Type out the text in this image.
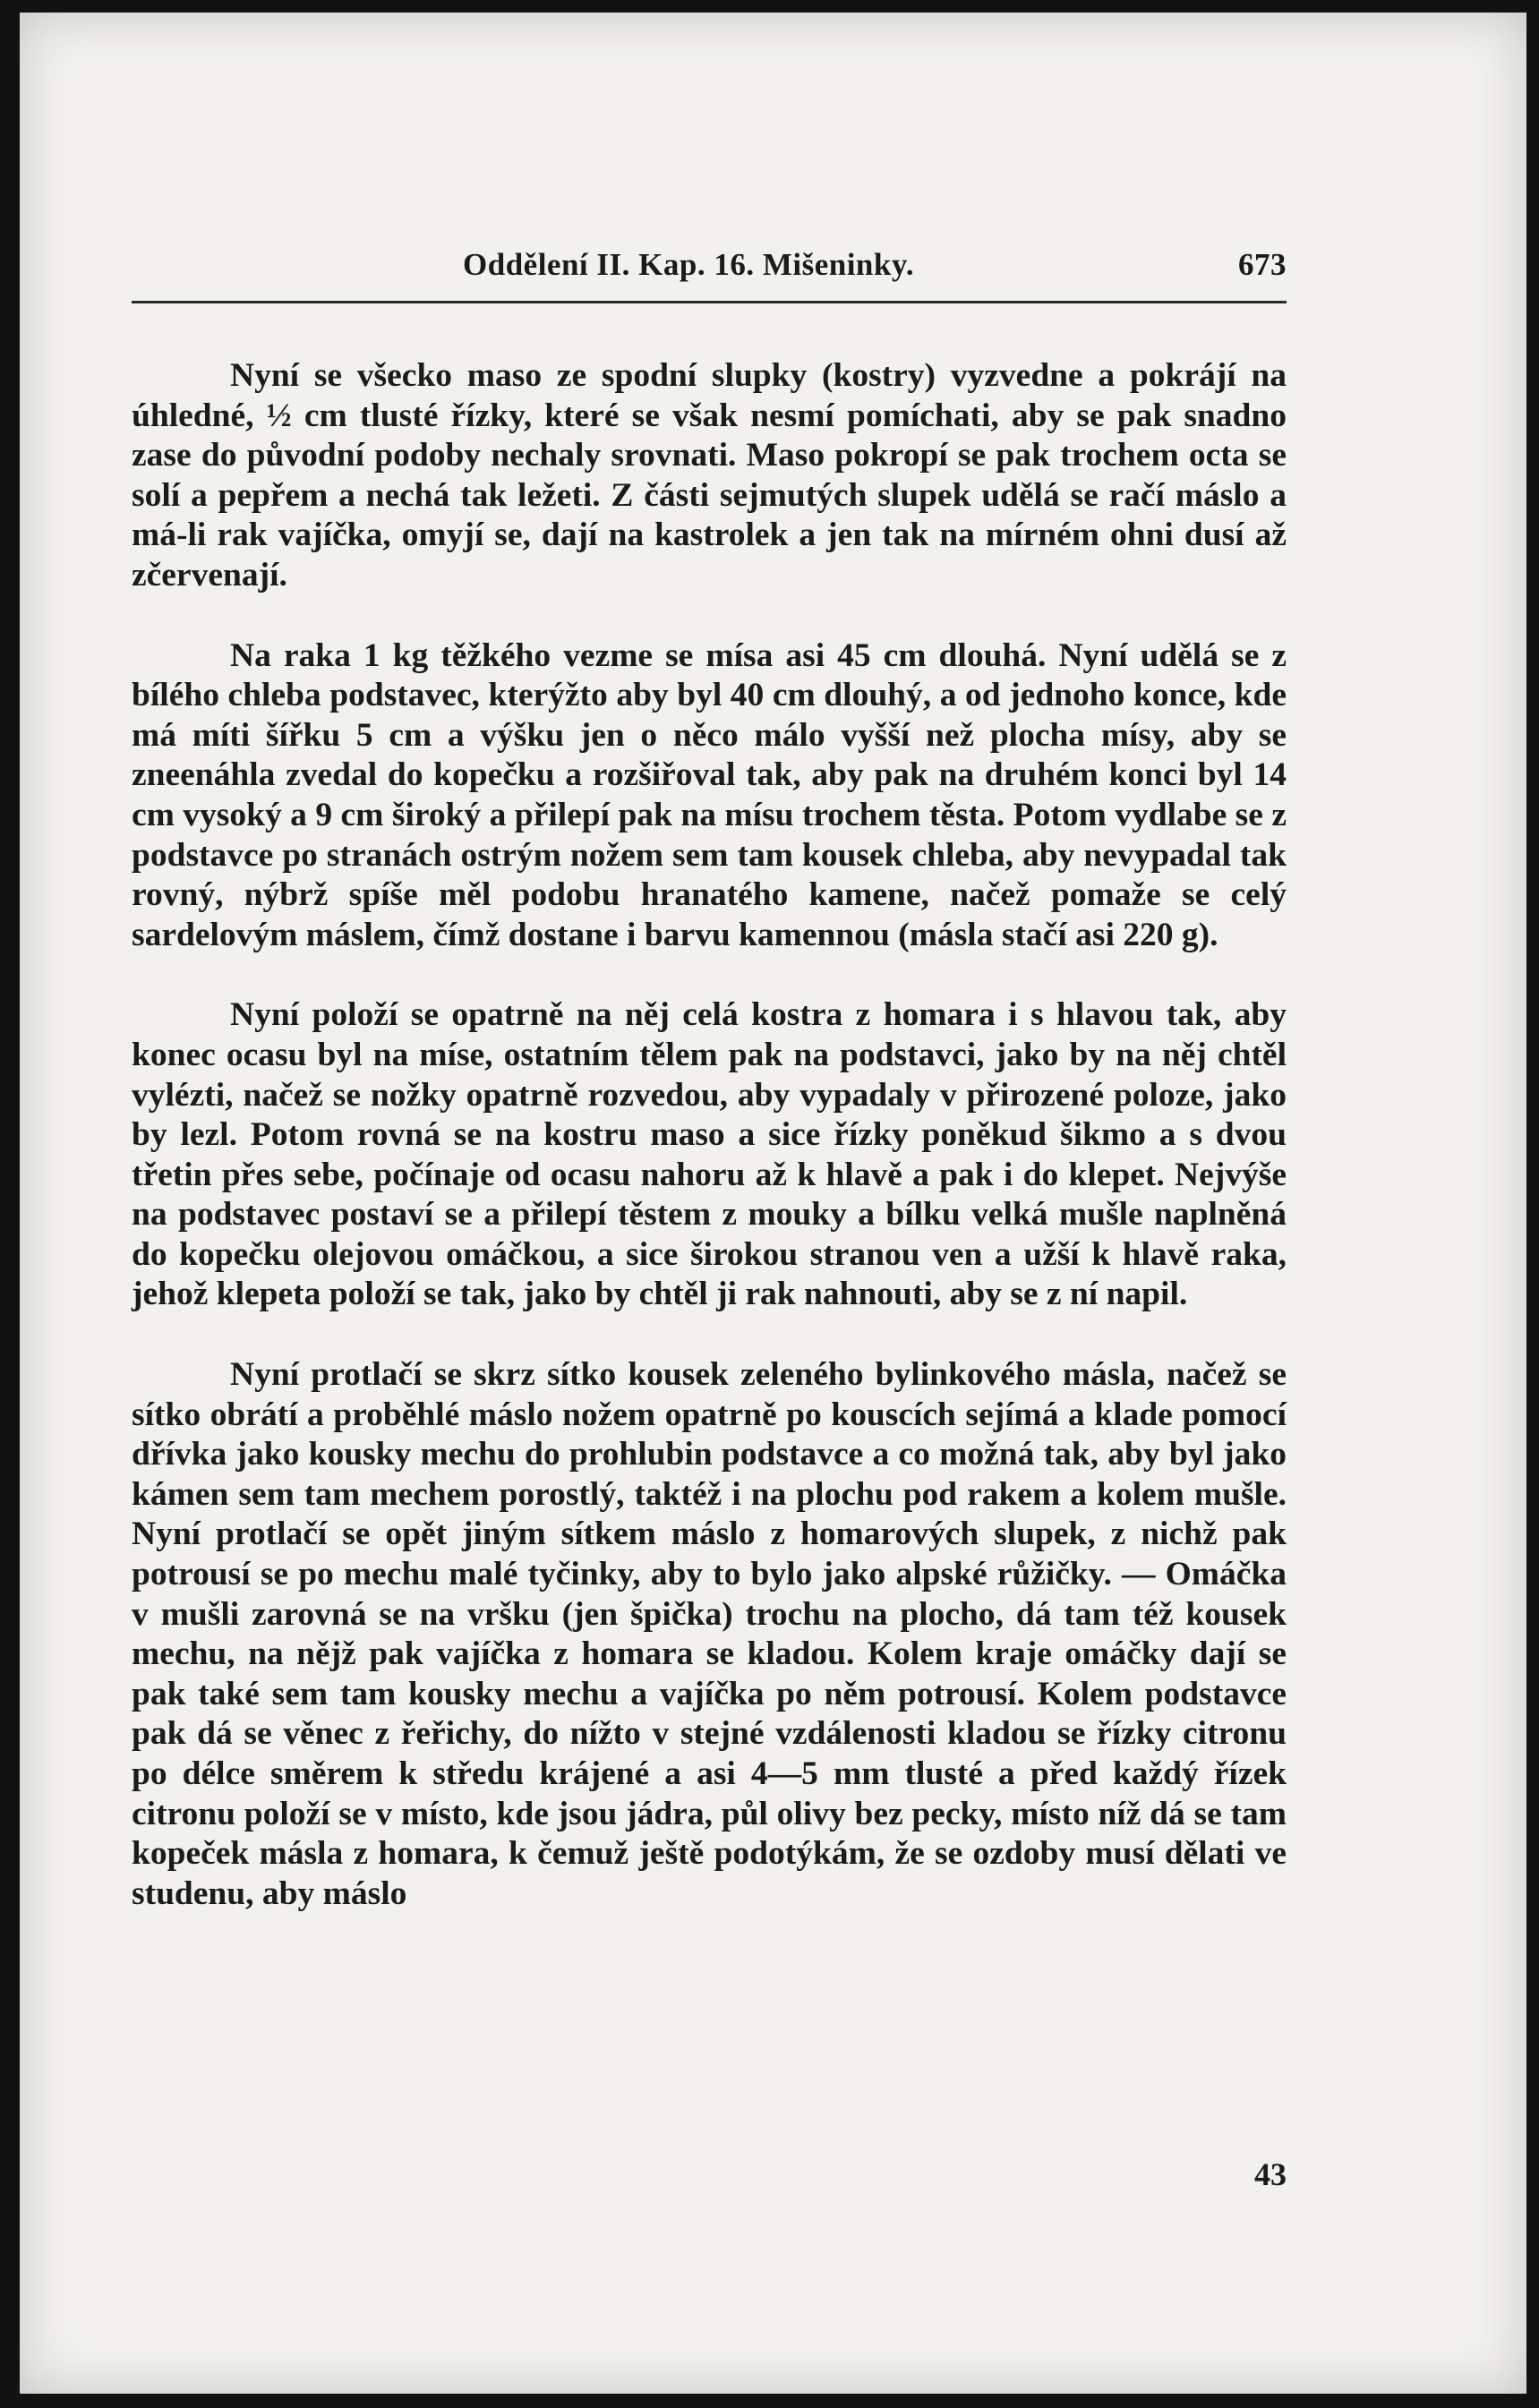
Oddělení II. Kap. 16. Mišeninky.	673

Nyní se všecko maso ze spodní slupky (kostry) vyzvedne a pokrájí na úhledné, ½ cm tlusté řízky, které se však nesmí pomíchati, aby se pak snadno zase do původní podoby nechaly srovnati. Maso pokropí se pak trochem octa se solí a pepřem a nechá tak ležeti. Z části sejmutých slupek udělá se račí máslo a má-li rak vajíčka, omyjí se, dají na kastrolek a jen tak na mírném ohni dusí až zčervenají.

Na raka 1 kg těžkého vezme se mísa asi 45 cm dlouhá. Nyní udělá se z bílého chleba podstavec, kterýžto aby byl 40 cm dlouhý, a od jednoho konce, kde má míti šířku 5 cm a výšku jen o něco málo vyšší než plocha mísy, aby se zneenáhla zvedal do kopečku a rozšiřoval tak, aby pak na druhém konci byl 14 cm vysoký a 9 cm široký a přilepí pak na mísu trochem těsta. Potom vydlabe se z podstavce po stranách ostrým nožem sem tam kousek chleba, aby nevypadal tak rovný, nýbrž spíše měl podobu hranatého kamene, načež pomaže se celý sardelovým máslem, čímž dostane i barvu kamennou (másla stačí asi 220 g).

Nyní položí se opatrně na něj celá kostra z homara i s hlavou tak, aby konec ocasu byl na míse, ostatním tělem pak na podstavci, jako by na něj chtěl vylézti, načež se nožky opatrně rozvedou, aby vypadaly v přirozené poloze, jako by lezl. Potom rovná se na kostru maso a sice řízky poněkud šikmo a s dvou třetin přes sebe, počínaje od ocasu nahoru až k hlavě a pak i do klepet. Nejvýše na podstavec postaví se a přilepí těstem z mouky a bílku velká mušle naplněná do kopečku olejovou omáčkou, a sice širokou stranou ven a užší k hlavě raka, jehož klepeta položí se tak, jako by chtěl ji rak nahnouti, aby se z ní napil.

Nyní protlačí se skrz sítko kousek zeleného bylinkového másla, načež se sítko obrátí a proběhlé máslo nožem opatrně po kouscích sejímá a klade pomocí dřívka jako kousky mechu do prohlubin podstavce a co možná tak, aby byl jako kámen sem tam mechem porostlý, taktéž i na plochu pod rakem a kolem mušle. Nyní protlačí se opět jiným sítkem máslo z homarových slupek, z nichž pak potrousí se po mechu malé tyčinky, aby to bylo jako alpské růžičky. — Omáčka v mušli zarovná se na vršku (jen špička) trochu na plocho, dá tam též kousek mechu, na nějž pak vajíčka z homara se kladou. Kolem kraje omáčky dají se pak také sem tam kousky mechu a vajíčka po něm potrousí. Kolem podstavce pak dá se věnec z řeřichy, do nížto v stejné vzdálenosti kladou se řízky citronu po délce směrem k středu krájené a asi 4—5 mm tlusté a před každý řízek citronu položí se v místo, kde jsou jádra, půl olivy bez pecky, místo níž dá se tam kopeček másla z homara, k čemuž ještě podotýkám, že se ozdoby musí dělati ve studenu, aby máslo

43
